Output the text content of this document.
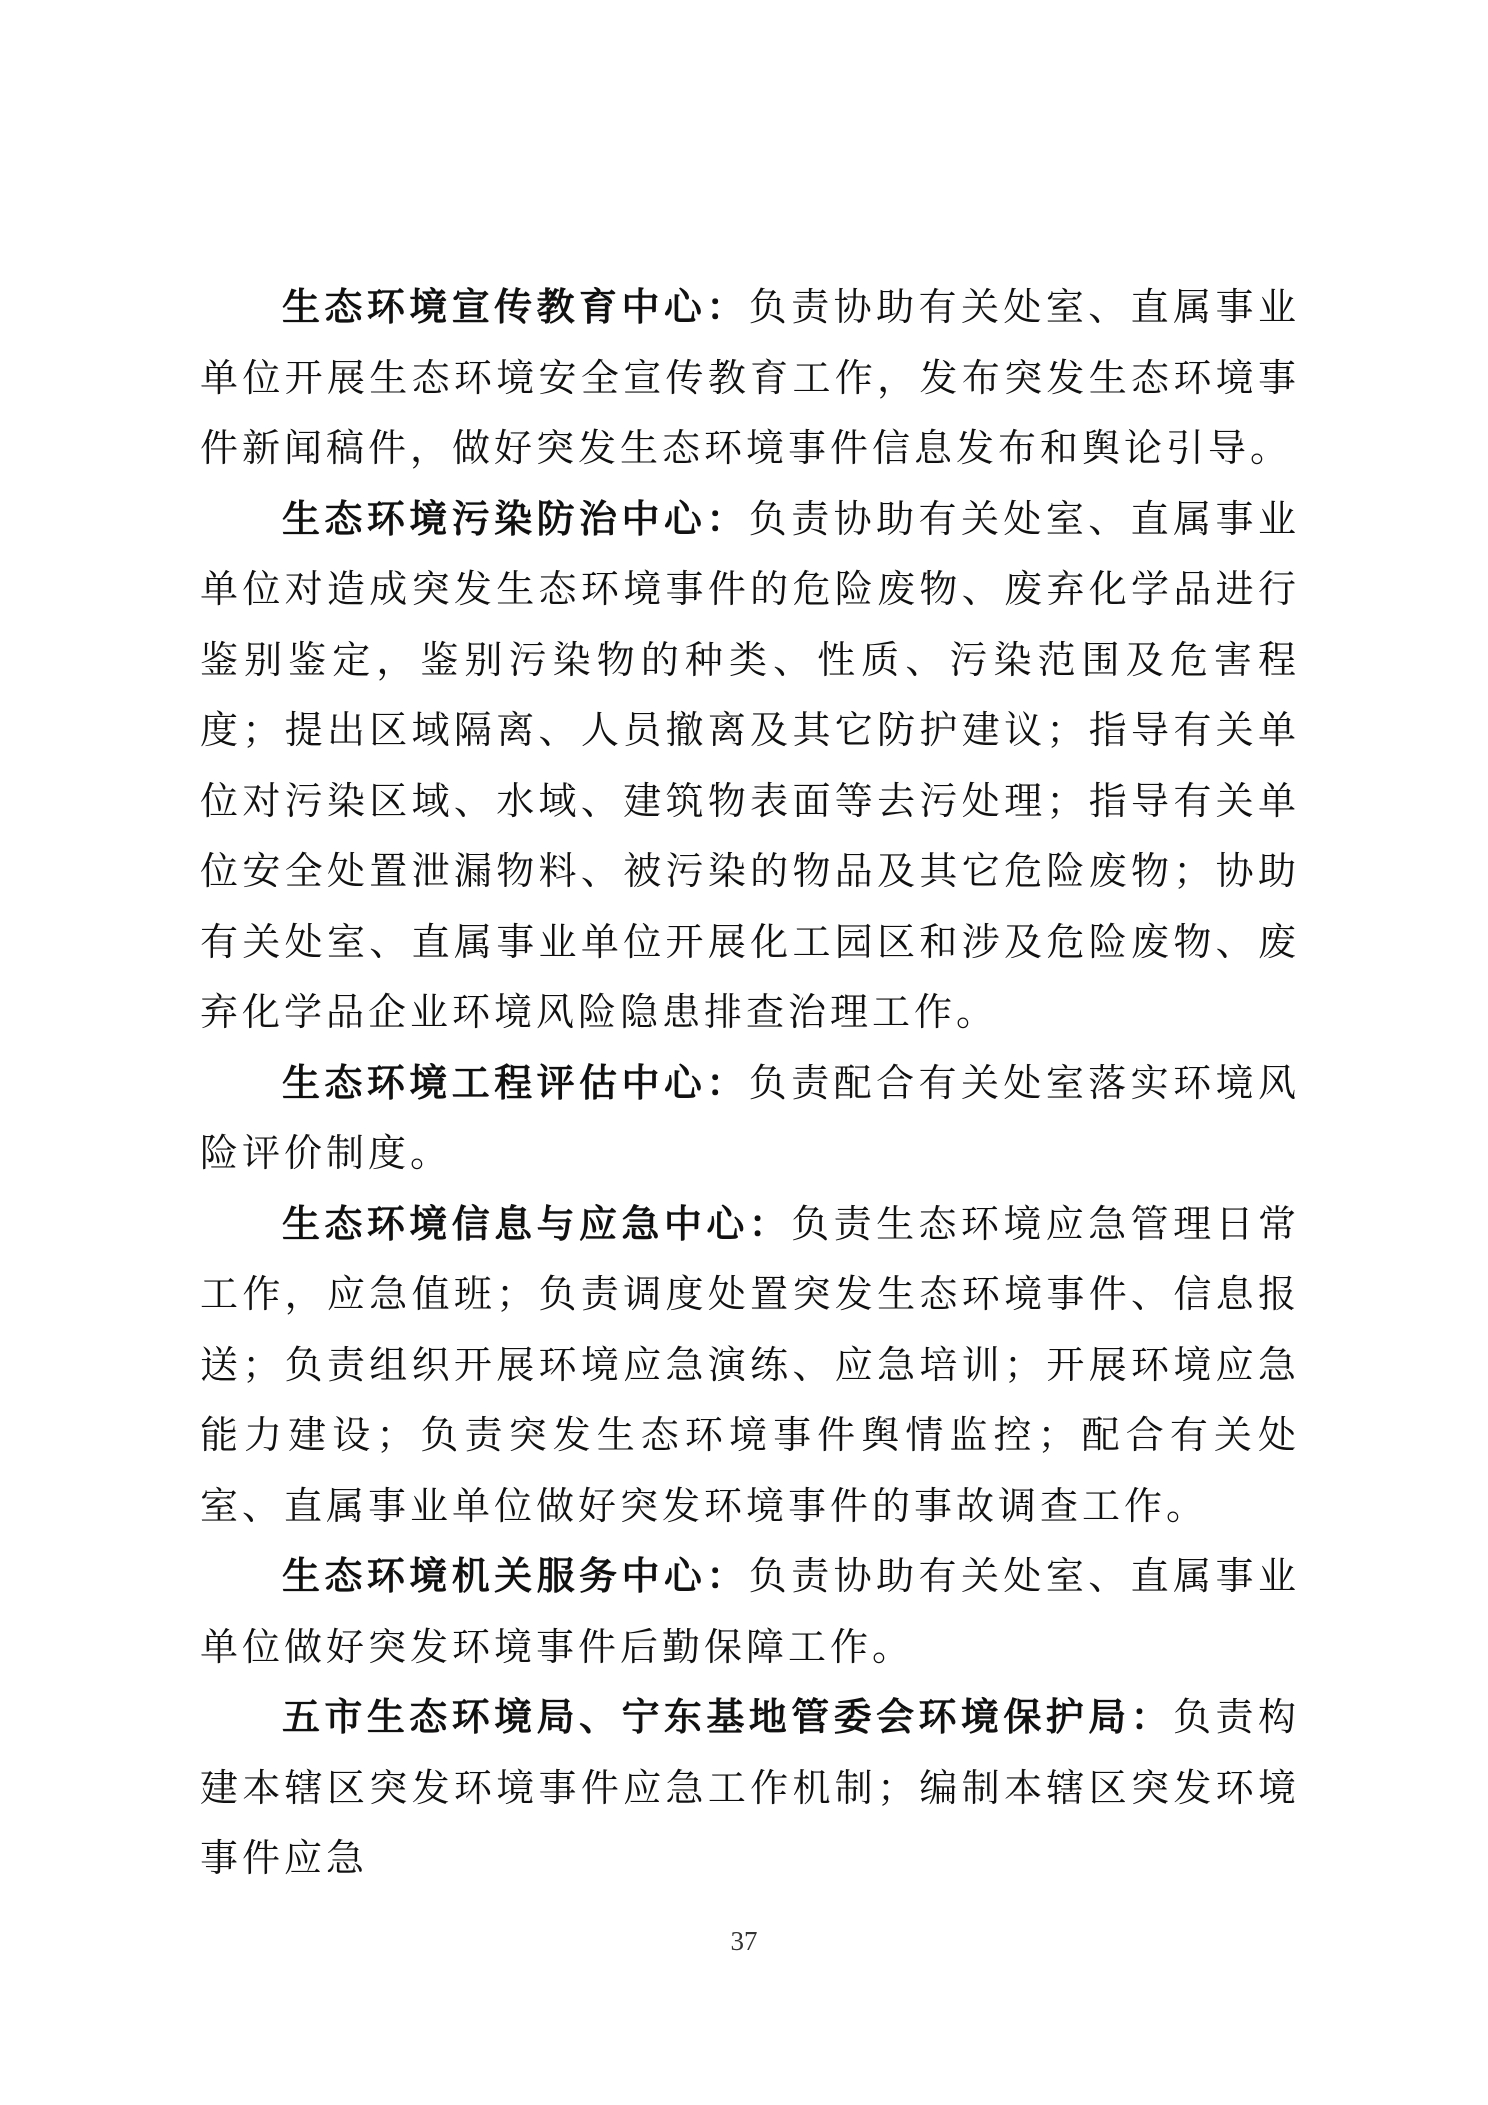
生态环境宣传教育中心：负责协助有关处室、直属事业单位开展生态环境安全宣传教育工作，发布突发生态环境事件新闻稿件，做好突发生态环境事件信息发布和舆论引导。

生态环境污染防治中心：负责协助有关处室、直属事业单位对造成突发生态环境事件的危险废物、废弃化学品进行鉴别鉴定，鉴别污染物的种类、性质、污染范围及危害程度；提出区域隔离、人员撤离及其它防护建议；指导有关单位对污染区域、水域、建筑物表面等去污处理；指导有关单位安全处置泄漏物料、被污染的物品及其它危险废物；协助有关处室、直属事业单位开展化工园区和涉及危险废物、废弃化学品企业环境风险隐患排查治理工作。

生态环境工程评估中心：负责配合有关处室落实环境风险评价制度。

生态环境信息与应急中心：负责生态环境应急管理日常工作，应急值班；负责调度处置突发生态环境事件、信息报送；负责组织开展环境应急演练、应急培训；开展环境应急能力建设；负责突发生态环境事件舆情监控；配合有关处室、直属事业单位做好突发环境事件的事故调查工作。

生态环境机关服务中心：负责协助有关处室、直属事业单位做好突发环境事件后勤保障工作。

五市生态环境局、宁东基地管委会环境保护局：负责构建本辖区突发环境事件应急工作机制；编制本辖区突发环境事件应急

37
